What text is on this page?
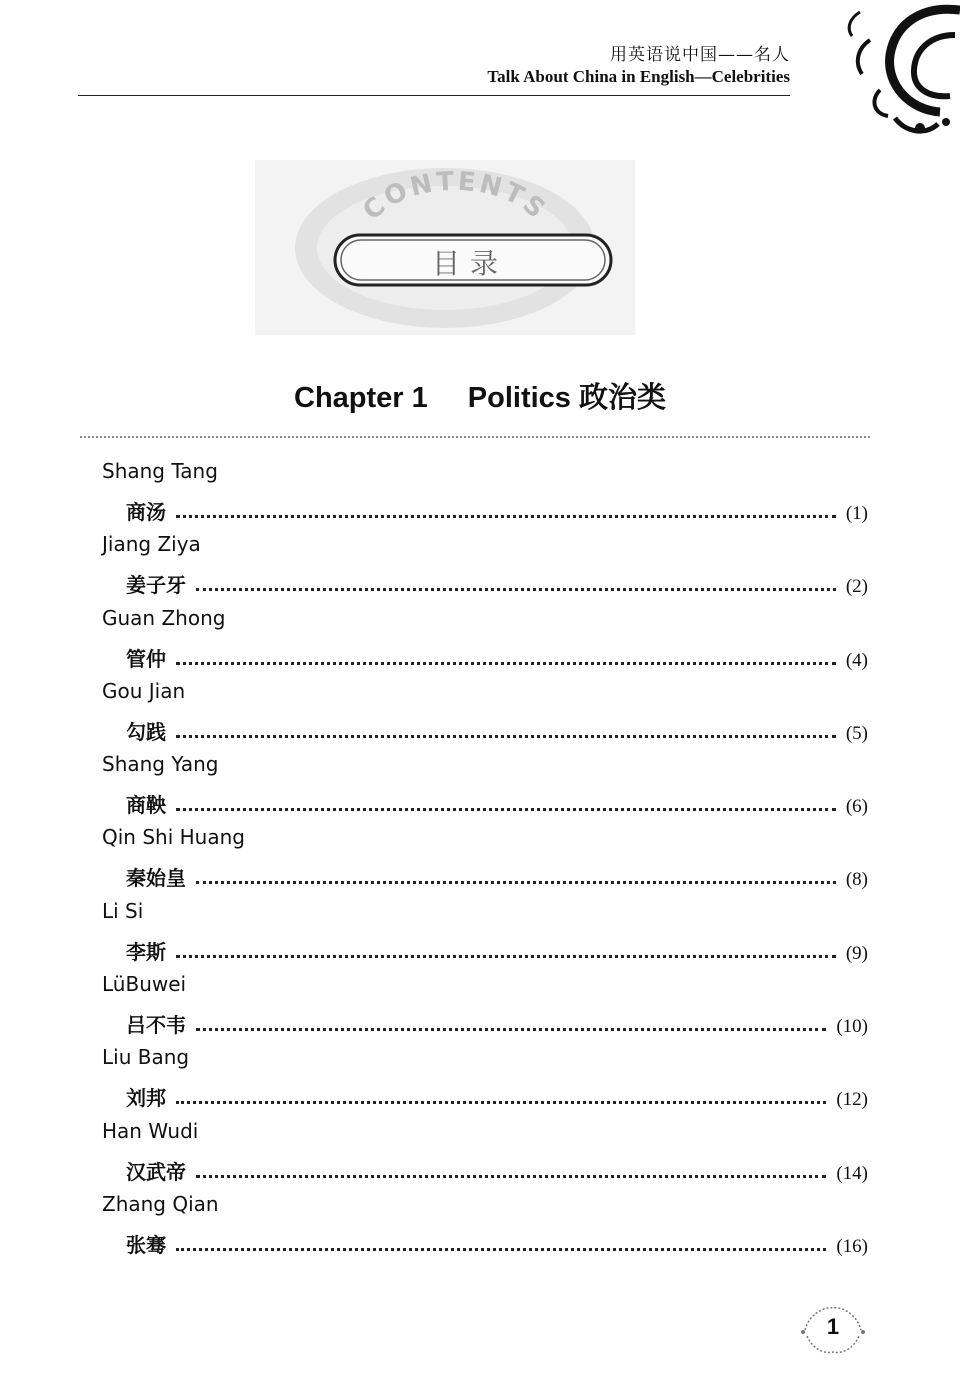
用英语说中国——名人
Talk About China in English—Celebrities
CONTENTS
目录
Chapter 1 Politics 政治类
Shang Tang
商汤	(1)
Jiang Ziya
姜子牙	(2)
Guan Zhong
管仲	(4)
Gou Jian
勾践	(5)
Shang Yang
商鞅	(6)
Qin Shi Huang
秦始皇	(8)
Li Si
李斯	(9)
LüBuwei
吕不韦	(10)
Liu Bang
刘邦	(12)
Han Wudi
汉武帝	(14)
Zhang Qian
张骞	(16)
1
